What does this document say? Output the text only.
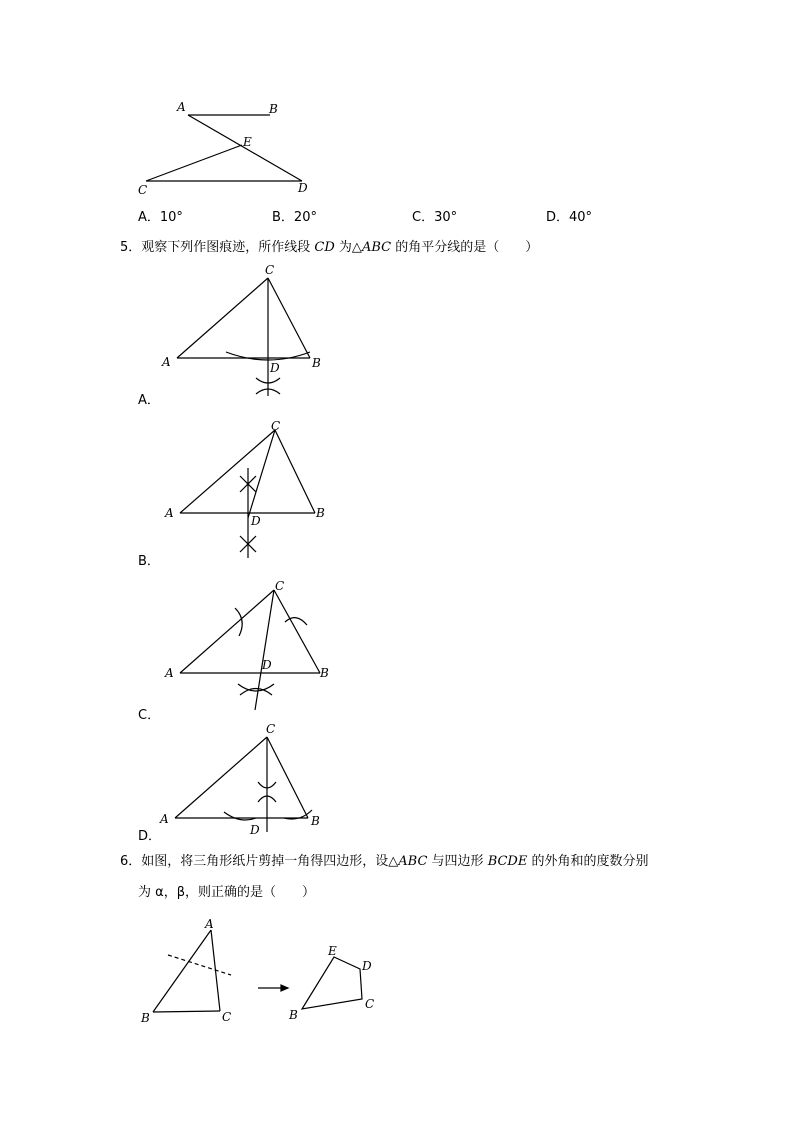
A	B
E
C	D
A．10°	B．20°	C．30°	D．40°
5．观察下列作图痕迹，所作线段 CD 为△ABC 的角平分线的是（　　）
C
A	B
D
A．
C
A	B
D
B．
C
A	B
D
C．
C
A	B
D
D．
6．如图，将三角形纸片剪掉一角得四边形，设△ABC 与四边形 BCDE 的外角和的度数分别
为 α，β，则正确的是（　　）
A
B	C
E
D
C
B
